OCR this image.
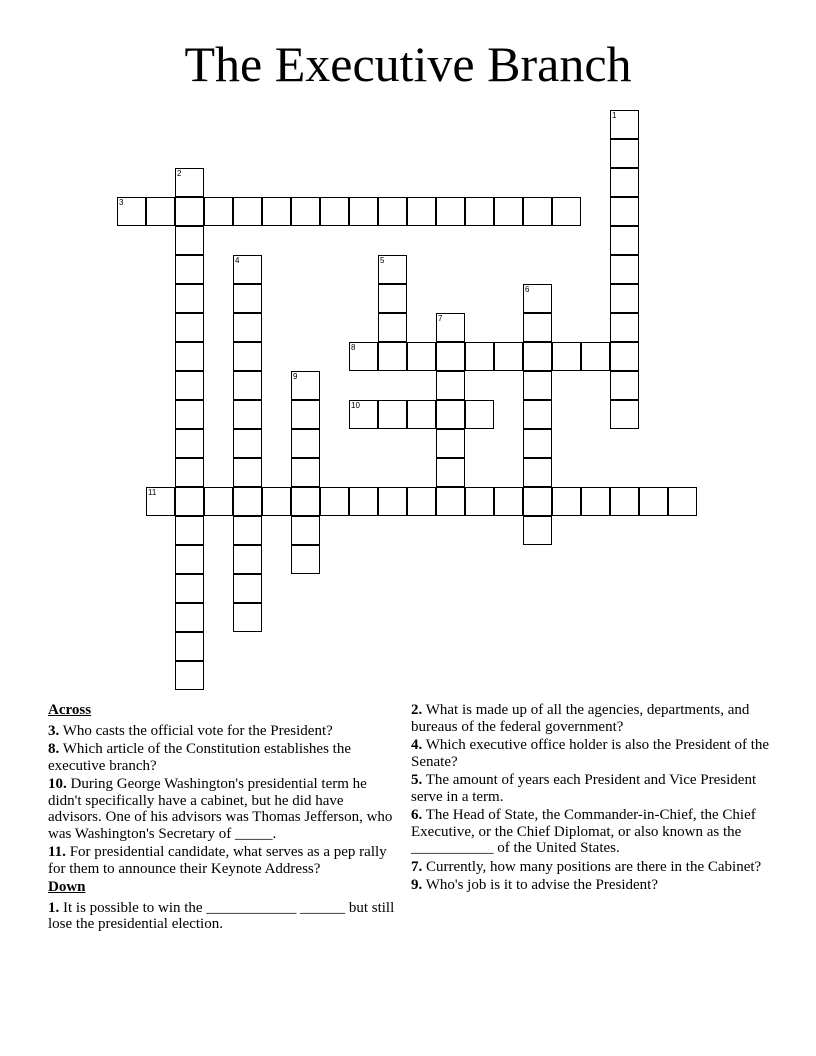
The Executive Branch
1
2
3
4	5
6
7
8
9
10
11
Across
3. Who casts the official vote for the President?
8. Which article of the Constitution establishes the executive branch?
10. During George Washington's presidential term he didn't specifically have a cabinet, but he did have advisors. One of his advisors was Thomas Jefferson, who was Washington's Secretary of _____.
11. For presidential candidate, what serves as a pep rally for them to announce their Keynote Address?
Down
1. It is possible to win the ____________ ______ but still lose the presidential election.
2. What is made up of all the agencies, departments, and bureaus of the federal government?
4. Which executive office holder is also the President of the Senate?
5. The amount of years each President and Vice President serve in a term.
6. The Head of State, the Commander-in-Chief, the Chief Executive, or the Chief Diplomat, or also known as the ___________ of the United States.
7. Currently, how many positions are there in the Cabinet?
9. Who's job is it to advise the President?
